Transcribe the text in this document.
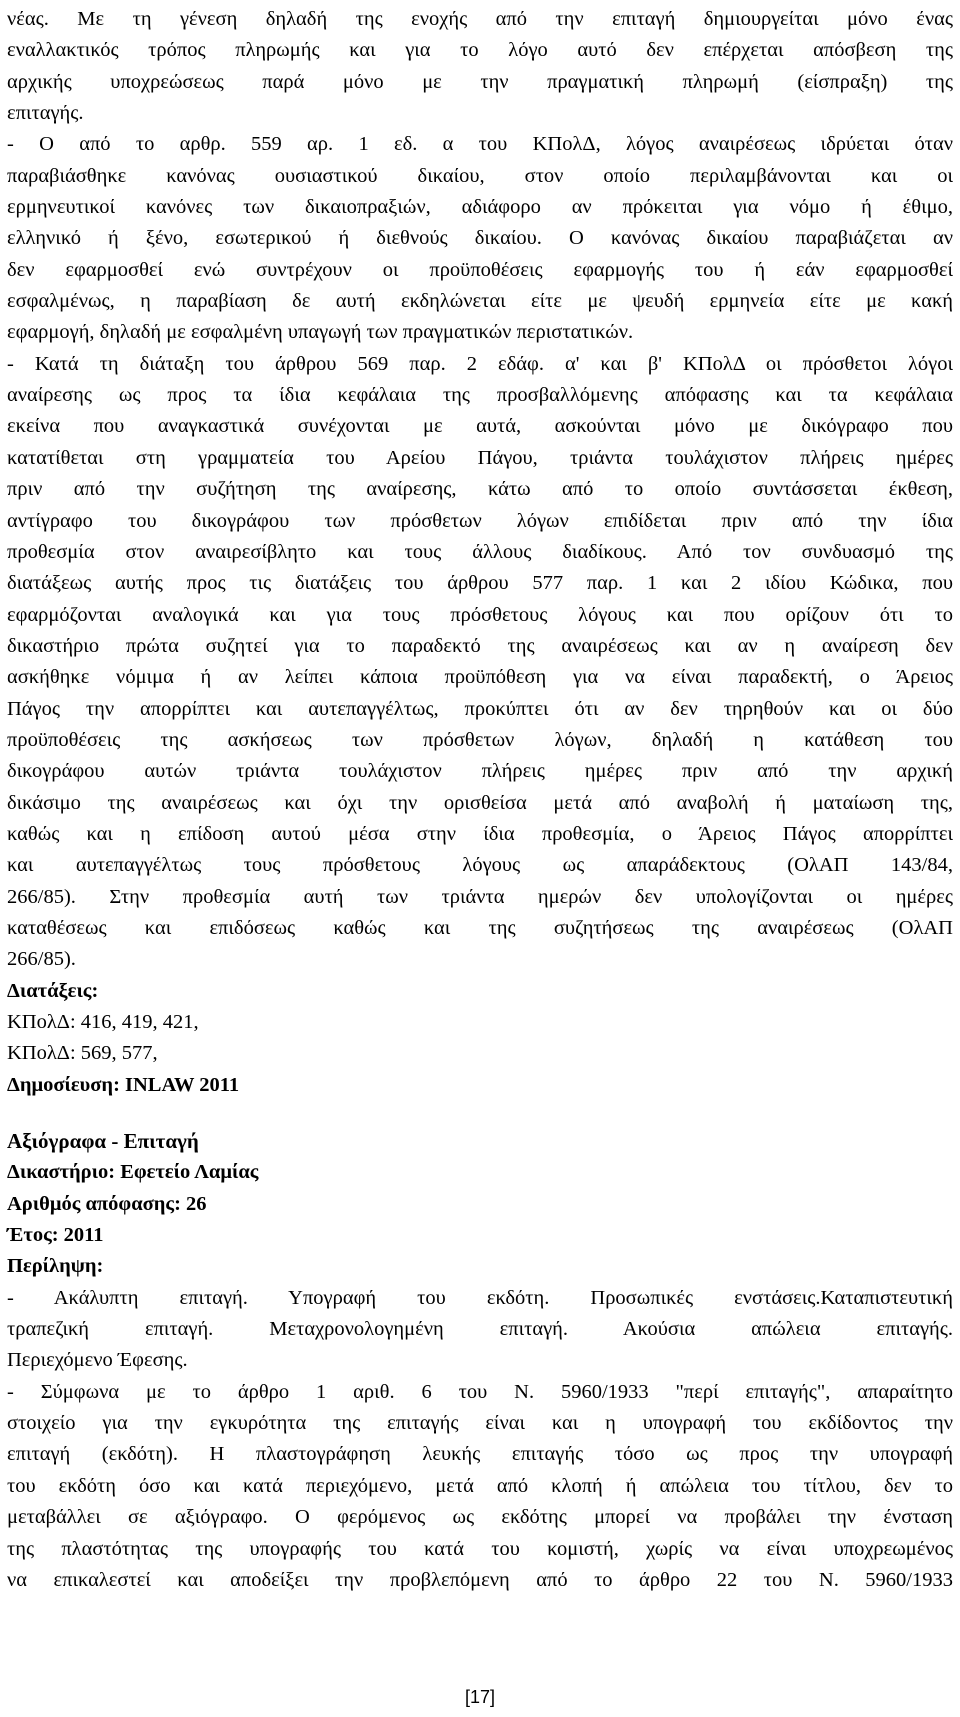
νέας. Με τη γένεση δηλαδή της ενοχής από την επιταγή δημιουργείται μόνο ένας
εναλλακτικός τρόπος πληρωμής και για το λόγο αυτό δεν επέρχεται απόσβεση της
αρχικής υποχρεώσεως παρά μόνο με την πραγματική πληρωμή (είσπραξη) της
επιταγής.
- Ο από το αρθρ. 559 αρ. 1 εδ. α του ΚΠολΔ, λόγος αναιρέσεως ιδρύεται όταν
παραβιάσθηκε κανόνας ουσιαστικού δικαίου, στον οποίο περιλαμβάνονται και οι
ερμηνευτικοί κανόνες των δικαιοπραξιών, αδιάφορο αν πρόκειται για νόμο ή έθιμο,
ελληνικό ή ξένο, εσωτερικού ή διεθνούς δικαίου. Ο κανόνας δικαίου παραβιάζεται αν
δεν εφαρμοσθεί ενώ συντρέχουν οι προϋποθέσεις εφαρμογής του ή εάν εφαρμοσθεί
εσφαλμένως, η παραβίαση δε αυτή εκδηλώνεται είτε με ψευδή ερμηνεία είτε με κακή
εφαρμογή, δηλαδή με εσφαλμένη υπαγωγή των πραγματικών περιστατικών.
- Κατά τη διάταξη του άρθρου 569 παρ. 2 εδάφ. α' και β' ΚΠολΔ οι πρόσθετοι λόγοι
αναίρεσης ως προς τα ίδια κεφάλαια της προσβαλλόμενης απόφασης και τα κεφάλαια
εκείνα που αναγκαστικά συνέχονται με αυτά, ασκούνται μόνο με δικόγραφο που
κατατίθεται στη γραμματεία του Αρείου Πάγου, τριάντα τουλάχιστον πλήρεις ημέρες
πριν από την συζήτηση της αναίρεσης, κάτω από το οποίο συντάσσεται έκθεση,
αντίγραφο του δικογράφου των πρόσθετων λόγων επιδίδεται πριν από την ίδια
προθεσμία στον αναιρεσίβλητο και τους άλλους διαδίκους. Από τον συνδυασμό της
διατάξεως αυτής προς τις διατάξεις του άρθρου 577 παρ. 1 και 2 ιδίου Κώδικα, που
εφαρμόζονται αναλογικά και για τους πρόσθετους λόγους και που ορίζουν ότι το
δικαστήριο πρώτα συζητεί για το παραδεκτό της αναιρέσεως και αν η αναίρεση δεν
ασκήθηκε νόμιμα ή αν λείπει κάποια προϋπόθεση για να είναι παραδεκτή, ο Άρειος
Πάγος την απορρίπτει και αυτεπαγγέλτως, προκύπτει ότι αν δεν τηρηθούν και οι δύο
προϋποθέσεις της ασκήσεως των πρόσθετων λόγων, δηλαδή η κατάθεση του
δικογράφου αυτών τριάντα τουλάχιστον πλήρεις ημέρες πριν από την αρχική
δικάσιμο της αναιρέσεως και όχι την ορισθείσα μετά από αναβολή ή ματαίωση της,
καθώς και η επίδοση αυτού μέσα στην ίδια προθεσμία, ο Άρειος Πάγος απορρίπτει
και αυτεπαγγέλτως τους πρόσθετους λόγους ως απαράδεκτους (ΟλΑΠ 143/84,
266/85). Στην προθεσμία αυτή των τριάντα ημερών δεν υπολογίζονται οι ημέρες
καταθέσεως και επιδόσεως καθώς και της συζητήσεως της αναιρέσεως (ΟλΑΠ
266/85).
Διατάξεις:
ΚΠολΔ: 416, 419, 421,
ΚΠολΔ: 569, 577,
Δημοσίευση: INLAW 2011
Αξιόγραφα - Επιταγή
Δικαστήριο: Εφετείο Λαμίας
Αριθμός απόφασης: 26
Έτος: 2011
Περίληψη:
- Ακάλυπτη επιταγή. Υπογραφή του εκδότη. Προσωπικές ενστάσεις.Καταπιστευτική
τραπεζική επιταγή. Μεταχρονολογημένη επιταγή. Ακούσια απώλεια επιταγής.
Περιεχόμενο Έφεσης.
- Σύμφωνα με το άρθρο 1 αριθ. 6 του Ν. 5960/1933 "περί επιταγής", απαραίτητο
στοιχείο για την εγκυρότητα της επιταγής είναι και η υπογραφή του εκδίδοντος την
επιταγή (εκδότη). Η πλαστογράφηση λευκής επιταγής τόσο ως προς την υπογραφή
του εκδότη όσο και κατά περιεχόμενο, μετά από κλοπή ή απώλεια του τίτλου, δεν το
μεταβάλλει σε αξιόγραφο. Ο φερόμενος ως εκδότης μπορεί να προβάλει την ένσταση
της πλαστότητας της υπογραφής του κατά του κομιστή, χωρίς να είναι υποχρεωμένος
να επικαλεστεί και αποδείξει την προβλεπόμενη από το άρθρο 22 του Ν. 5960/1933
[17]
